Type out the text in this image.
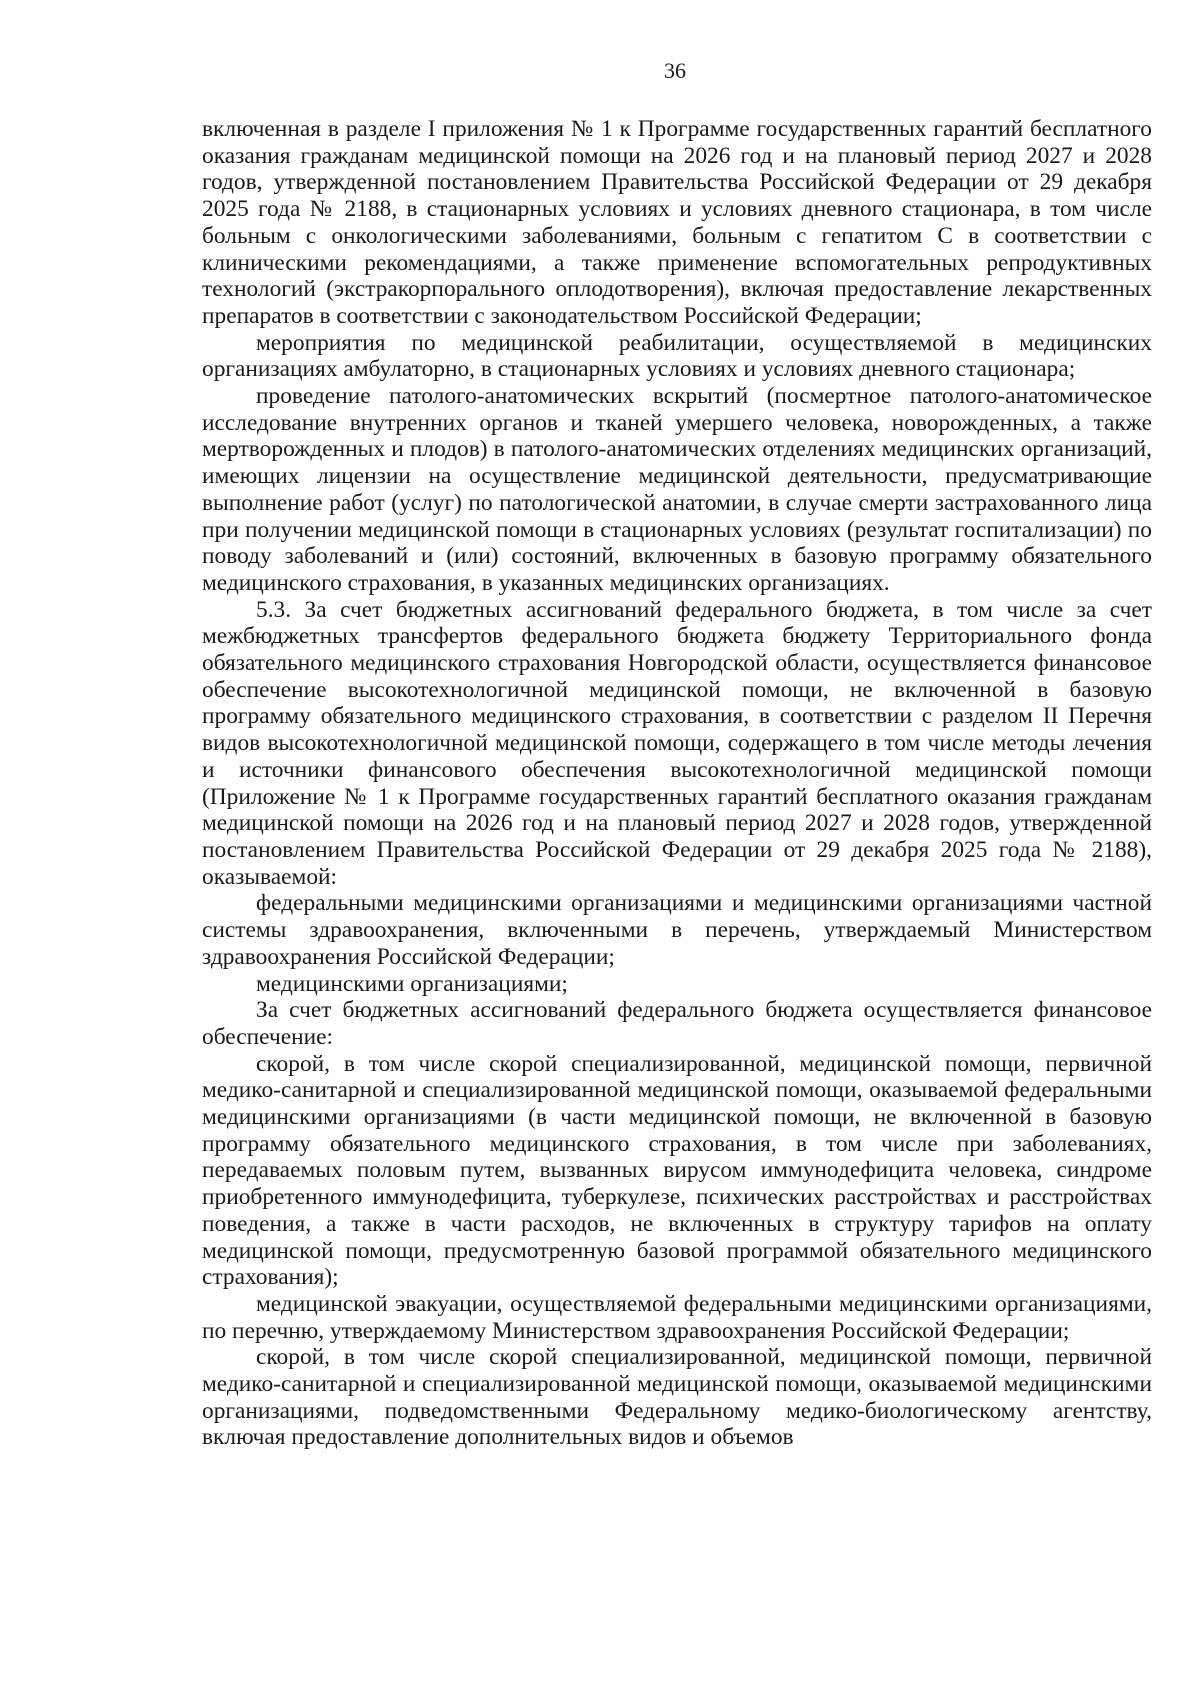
36

включенная в разделе I приложения № 1 к Программе государственных гарантий бесплатного оказания гражданам медицинской помощи на 2026 год и на плановый период 2027 и 2028 годов, утвержденной постановлением Правительства Российской Федерации от 29 декабря 2025 года № 2188, в стационарных условиях и условиях дневного стационара, в том числе больным с онкологическими заболеваниями, больным с гепатитом С в соответствии с клиническими рекомендациями, а также применение вспомогательных репродуктивных технологий (экстракорпорального оплодотворения), включая предоставление лекарственных препаратов в соответствии с законодательством Российской Федерации;

мероприятия по медицинской реабилитации, осуществляемой в медицинских организациях амбулаторно, в стационарных условиях и условиях дневного стационара;

проведение патолого-анатомических вскрытий (посмертное патолого-анатомическое исследование внутренних органов и тканей умершего человека, новорожденных, а также мертворожденных и плодов) в патолого-анатомических отделениях медицинских организаций, имеющих лицензии на осуществление медицинской деятельности, предусматривающие выполнение работ (услуг) по патологической анатомии, в случае смерти застрахованного лица при получении медицинской помощи в стационарных условиях (результат госпитализации) по поводу заболеваний и (или) состояний, включенных в базовую программу обязательного медицинского страхования, в указанных медицинских организациях.

5.3. За счет бюджетных ассигнований федерального бюджета, в том числе за счет межбюджетных трансфертов федерального бюджета бюджету Территориального фонда обязательного медицинского страхования Новгородской области, осуществляется финансовое обеспечение высокотехнологичной медицинской помощи, не включенной в базовую программу обязательного медицинского страхования, в соответствии с разделом II Перечня видов высокотехнологичной медицинской помощи, содержащего в том числе методы лечения и источники финансового обеспечения высокотехнологичной медицинской помощи (Приложение № 1 к Программе государственных гарантий бесплатного оказания гражданам медицинской помощи на 2026 год и на плановый период 2027 и 2028 годов, утвержденной постановлением Правительства Российской Федерации от 29 декабря 2025 года № 2188), оказываемой:

федеральными медицинскими организациями и медицинскими организациями частной системы здравоохранения, включенными в перечень, утверждаемый Министерством здравоохранения Российской Федерации;

медицинскими организациями;

За счет бюджетных ассигнований федерального бюджета осуществляется финансовое обеспечение:

скорой, в том числе скорой специализированной, медицинской помощи, первичной медико-санитарной и специализированной медицинской помощи, оказываемой федеральными медицинскими организациями (в части медицинской помощи, не включенной в базовую программу обязательного медицинского страхования, в том числе при заболеваниях, передаваемых половым путем, вызванных вирусом иммунодефицита человека, синдроме приобретенного иммунодефицита, туберкулезе, психических расстройствах и расстройствах поведения, а также в части расходов, не включенных в структуру тарифов на оплату медицинской помощи, предусмотренную базовой программой обязательного медицинского страхования);

медицинской эвакуации, осуществляемой федеральными медицинскими организациями, по перечню, утверждаемому Министерством здравоохранения Российской Федерации;

скорой, в том числе скорой специализированной, медицинской помощи, первичной медико-санитарной и специализированной медицинской помощи, оказываемой медицинскими организациями, подведомственными Федеральному медико-биологическому агентству, включая предоставление дополнительных видов и объемов
